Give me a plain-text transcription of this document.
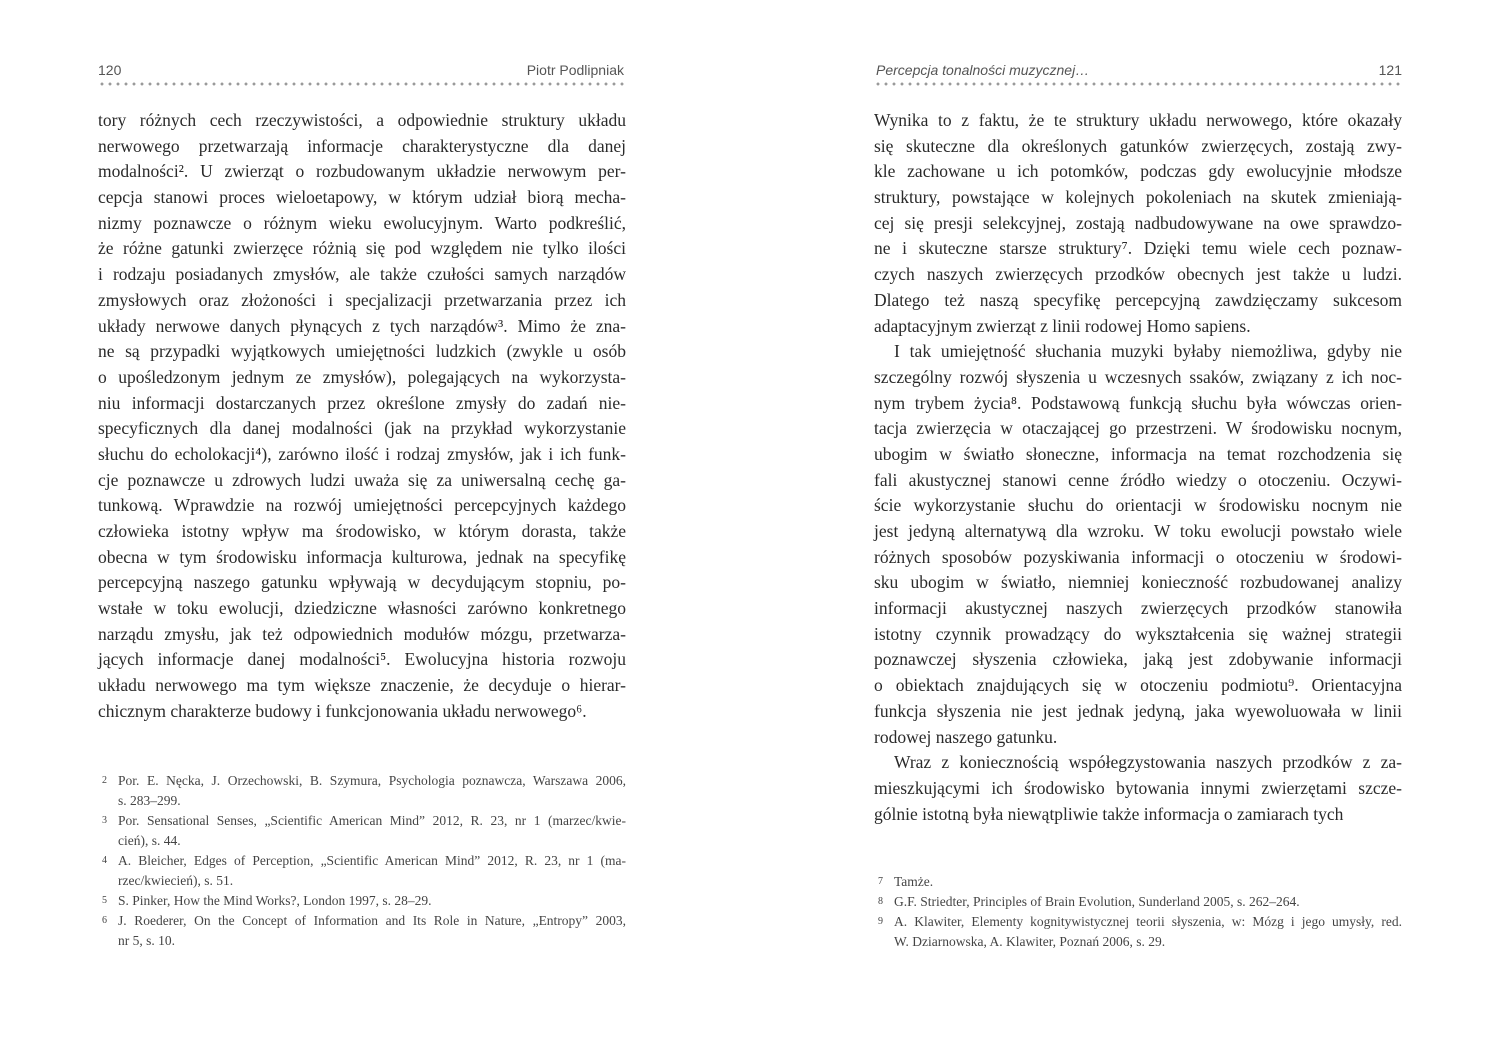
120	Piotr Podlipniak
tory różnych cech rzeczywistości, a odpowiednie struktury układu
nerwowego przetwarzają informacje charakterystyczne dla danej
modalności². U zwierząt o rozbudowanym układzie nerwowym per-
cepcja stanowi proces wieloetapowy, w którym udział biorą mecha-
nizmy poznawcze o różnym wieku ewolucyjnym. Warto podkreślić,
że różne gatunki zwierzęce różnią się pod względem nie tylko ilości
i rodzaju posiadanych zmysłów, ale także czułości samych narządów
zmysłowych oraz złożoności i specjalizacji przetwarzania przez ich
układy nerwowe danych płynących z tych narządów³. Mimo że zna-
ne są przypadki wyjątkowych umiejętności ludzkich (zwykle u osób
o upośledzonym jednym ze zmysłów), polegających na wykorzysta-
niu informacji dostarczanych przez określone zmysły do zadań nie-
specyficznych dla danej modalności (jak na przykład wykorzystanie
słuchu do echolokacji⁴), zarówno ilość i rodzaj zmysłów, jak i ich funk-
cje poznawcze u zdrowych ludzi uważa się za uniwersalną cechę ga-
tunkową. Wprawdzie na rozwój umiejętności percepcyjnych każdego
człowieka istotny wpływ ma środowisko, w którym dorasta, także
obecna w tym środowisku informacja kulturowa, jednak na specyfikę
percepcyjną naszego gatunku wpływają w decydującym stopniu, po-
wstałe w toku ewolucji, dziedziczne własności zarówno konkretnego
narządu zmysłu, jak też odpowiednich modułów mózgu, przetwarza-
jących informacje danej modalności⁵. Ewolucyjna historia rozwoju
układu nerwowego ma tym większe znaczenie, że decyduje o hierar-
chicznym charakterze budowy i funkcjonowania układu nerwowego⁶.
2 Por. E. Nęcka, J. Orzechowski, B. Szymura, Psychologia poznawcza, Warszawa 2006,
s. 283–299.
3 Por. Sensational Senses, „Scientific American Mind” 2012, R. 23, nr 1 (marzec/kwie-
cień), s. 44.
4 A. Bleicher, Edges of Perception, „Scientific American Mind” 2012, R. 23, nr 1 (ma-
rzec/kwiecień), s. 51.
5 S. Pinker, How the Mind Works?, London 1997, s. 28–29.
6 J. Roederer, On the Concept of Information and Its Role in Nature, „Entropy” 2003,
nr 5, s. 10.
Percepcja tonalności muzycznej…	121
Wynika to z faktu, że te struktury układu nerwowego, które okazały
się skuteczne dla określonych gatunków zwierzęcych, zostają zwy-
kle zachowane u ich potomków, podczas gdy ewolucyjnie młodsze
struktury, powstające w kolejnych pokoleniach na skutek zmieniają-
cej się presji selekcyjnej, zostają nadbudowywane na owe sprawdzo-
ne i skuteczne starsze struktury⁷. Dzięki temu wiele cech poznaw-
czych naszych zwierzęcych przodków obecnych jest także u ludzi.
Dlatego też naszą specyfikę percepcyjną zawdzięczamy sukcesom
adaptacyjnym zwierząt z linii rodowej Homo sapiens.
I tak umiejętność słuchania muzyki byłaby niemożliwa, gdyby nie
szczególny rozwój słyszenia u wczesnych ssaków, związany z ich noc-
nym trybem życia⁸. Podstawową funkcją słuchu była wówczas orien-
tacja zwierzęcia w otaczającej go przestrzeni. W środowisku nocnym,
ubogim w światło słoneczne, informacja na temat rozchodzenia się
fali akustycznej stanowi cenne źródło wiedzy o otoczeniu. Oczywi-
ście wykorzystanie słuchu do orientacji w środowisku nocnym nie
jest jedyną alternatywą dla wzroku. W toku ewolucji powstało wiele
różnych sposobów pozyskiwania informacji o otoczeniu w środowi-
sku ubogim w światło, niemniej konieczność rozbudowanej analizy
informacji akustycznej naszych zwierzęcych przodków stanowiła
istotny czynnik prowadzący do wykształcenia się ważnej strategii
poznawczej słyszenia człowieka, jaką jest zdobywanie informacji
o obiektach znajdujących się w otoczeniu podmiotu⁹. Orientacyjna
funkcja słyszenia nie jest jednak jedyną, jaka wyewoluowała w linii
rodowej naszego gatunku.
Wraz z koniecznością współegzystowania naszych przodków z za-
mieszkującymi ich środowisko bytowania innymi zwierzętami szcze-
gólnie istotną była niewątpliwie także informacja o zamiarach tych
7 Tamże.
8 G.F. Striedter, Principles of Brain Evolution, Sunderland 2005, s. 262–264.
9 A. Klawiter, Elementy kognitywistycznej teorii słyszenia, w: Mózg i jego umysły, red.
W. Dziarnowska, A. Klawiter, Poznań 2006, s. 29.
